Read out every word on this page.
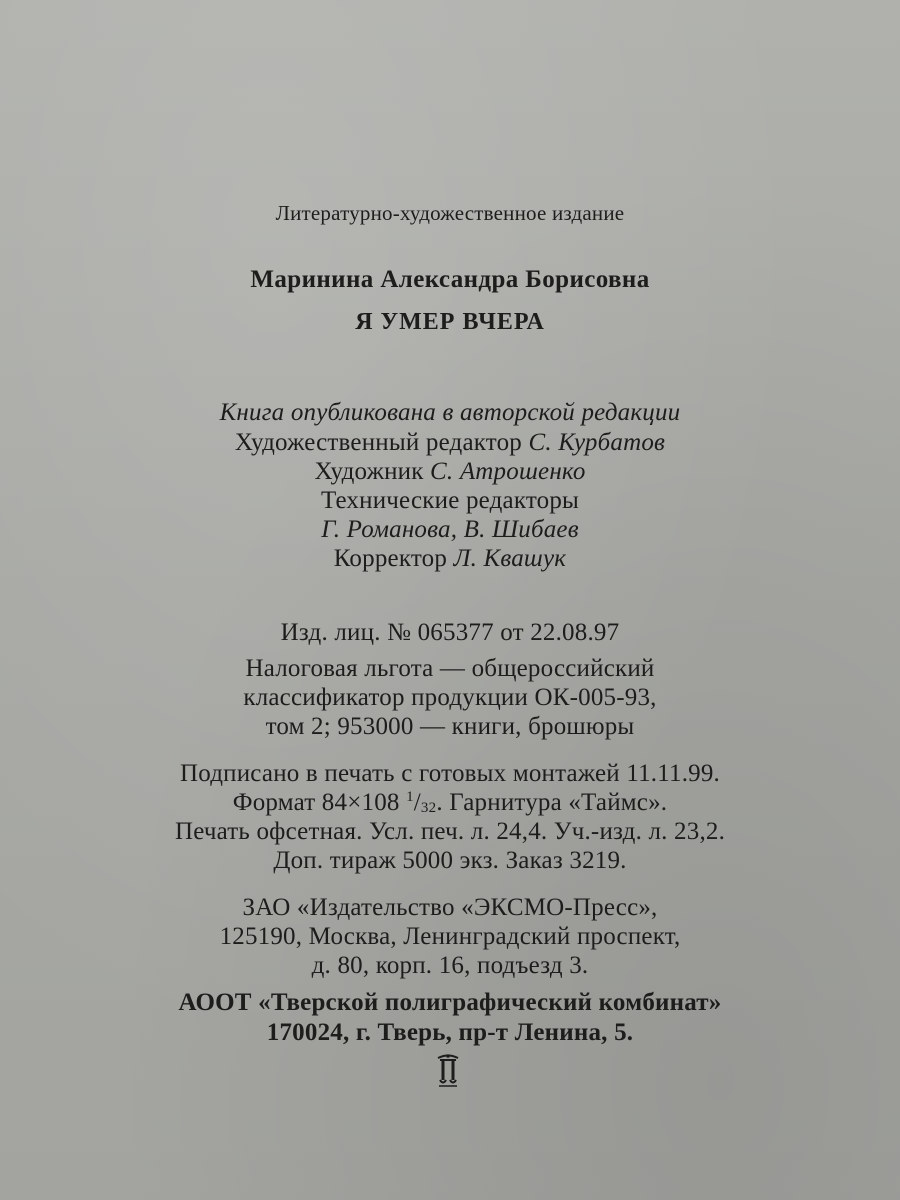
Литературно-художественное издание
Маринина Александра Борисовна
Я УМЕР ВЧЕРА
Книга опубликована в авторской редакции
Художественный редактор С. Курбатов
Художник С. Атрошенко
Технические редакторы
Г. Романова, В. Шибаев
Корректор Л. Квашук
Изд. лиц. № 065377 от 22.08.97
Налоговая льгота — общероссийский
классификатор продукции ОК-005-93,
том 2; 953000 — книги, брошюры
Подписано в печать с готовых монтажей 11.11.99.
Формат 84×108 $^1/_{32}$. Гарнитура «Таймс».
Печать офсетная. Усл. печ. л. 24,4. Уч.-изд. л. 23,2.
Доп. тираж 5000 экз. Заказ 3219.
ЗАО «Издательство «ЭКСМО-Пресс»,
125190, Москва, Ленинградский проспект,
д. 80, корп. 16, подъезд 3.
АООТ «Тверской полиграфический комбинат»
170024, г. Тверь, пр-т Ленина, 5.
